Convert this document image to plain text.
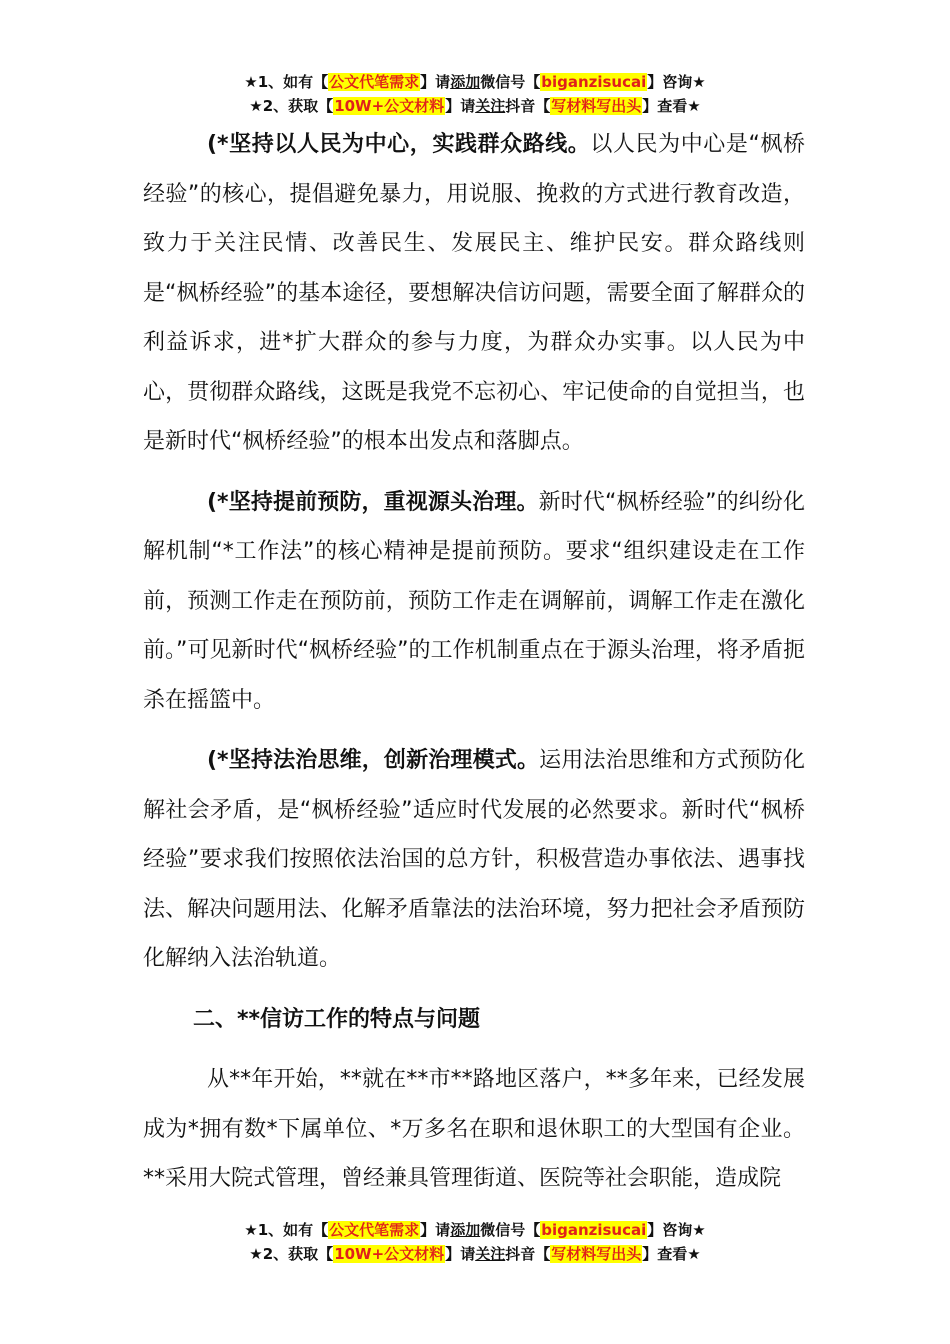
★1、如有【公文代笔需求】请添加微信号【biganzisucai】咨询★
★2、获取【10W+公文材料】请关注抖音【写材料写出头】查看★

(*坚持以人民为中心，实践群众路线。以人民为中心是“枫桥经验”的核心，提倡避免暴力，用说服、挽救的方式进行教育改造，致力于关注民情、改善民生、发展民主、维护民安。群众路线则是“枫桥经验”的基本途径，要想解决信访问题，需要全面了解群众的利益诉求，进*扩大群众的参与力度，为群众办实事。以人民为中心，贯彻群众路线，这既是我党不忘初心、牢记使命的自觉担当，也是新时代“枫桥经验”的根本出发点和落脚点。

(*坚持提前预防，重视源头治理。新时代“枫桥经验”的纠纷化解机制“*工作法”的核心精神是提前预防。要求“组织建设走在工作前，预测工作走在预防前，预防工作走在调解前，调解工作走在激化前。”可见新时代“枫桥经验”的工作机制重点在于源头治理，将矛盾扼杀在摇篮中。

(*坚持法治思维，创新治理模式。运用法治思维和方式预防化解社会矛盾，是“枫桥经验”适应时代发展的必然要求。新时代“枫桥经验”要求我们按照依法治国的总方针，积极营造办事依法、遇事找法、解决问题用法、化解矛盾靠法的法治环境，努力把社会矛盾预防化解纳入法治轨道。

二、**信访工作的特点与问题

从**年开始，**就在**市**路地区落户，**多年来，已经发展成为*拥有数*下属单位、*万多名在职和退休职工的大型国有企业。**采用大院式管理，曾经兼具管理街道、医院等社会职能，造成院

★1、如有【公文代笔需求】请添加微信号【biganzisucai】咨询★
★2、获取【10W+公文材料】请关注抖音【写材料写出头】查看★
